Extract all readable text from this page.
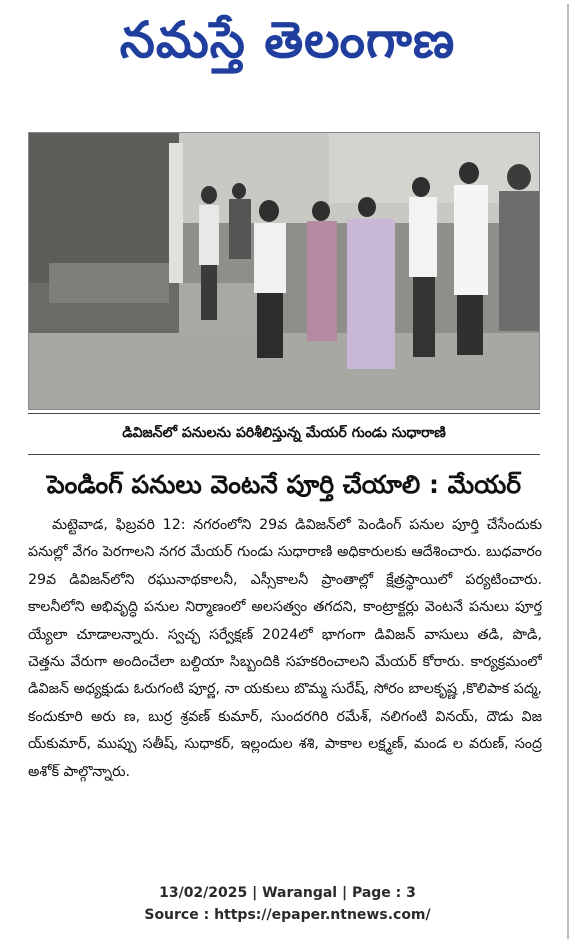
నమస్తే తెలంగాణ
డివిజన్‌లో పనులను పరిశీలిస్తున్న మేయర్ గుండు సుధారాణి
పెండింగ్ పనులు వెంటనే పూర్తి చేయాలి : మేయర్

మట్టెవాడ, ఫిబ్రవరి 12: నగరంలోని 29వ డివిజన్‌లో పెండింగ్ పనుల పూర్తి చేసేందుకు పనుల్లో వేగం పెరగాలని నగర మేయర్ గుండు సుధారాణి అధికారులకు ఆదేశించారు. బుధవారం 29వ డివిజన్‌లోని రఘునాథకాలనీ, ఎస్సీకాలనీ ప్రాంతాల్లో క్షేత్రస్థాయిలో పర్యటించారు. కాలనీలోని అభివృద్ధి పనుల నిర్మాణంలో అలసత్వం తగదని, కాంట్రాక్టర్లు వెంటనే పనులు పూర్త య్యేలా చూడాలన్నారు. స్వచ్ఛ సర్వేక్షణ్ 2024లో భాగంగా డివిజన్ వాసులు తడి, పొడి, చెత్తను వేరుగా అందించేలా బల్దియా సిబ్బందికి సహకరించాలని మేయర్ కోరారు. కార్యక్రమంలో డివిజన్ అధ్యక్షుడు ఓరుగంటి పూర్ణ, నా యకులు బొమ్మ సురేష్, సోరం బాలకృష్ణ ,కొలిపాక పద్మ, కందుకూరి అరు ణ, బుర్ర శ్రవణ్ కుమార్, సుందరగిరి రమేశ్, నలిగంటి వినయ్, దౌడు విజ య్‌కుమార్, ముప్పు సతీష్, సుధాకర్, ఇల్లందుల శశి, పాకాల లక్ష్మణ్, మండ ల వరుణ్, సంద్ర అశోక్ పాల్గొన్నారు.

13/02/2025 | Warangal | Page : 3
Source : https://epaper.ntnews.com/
